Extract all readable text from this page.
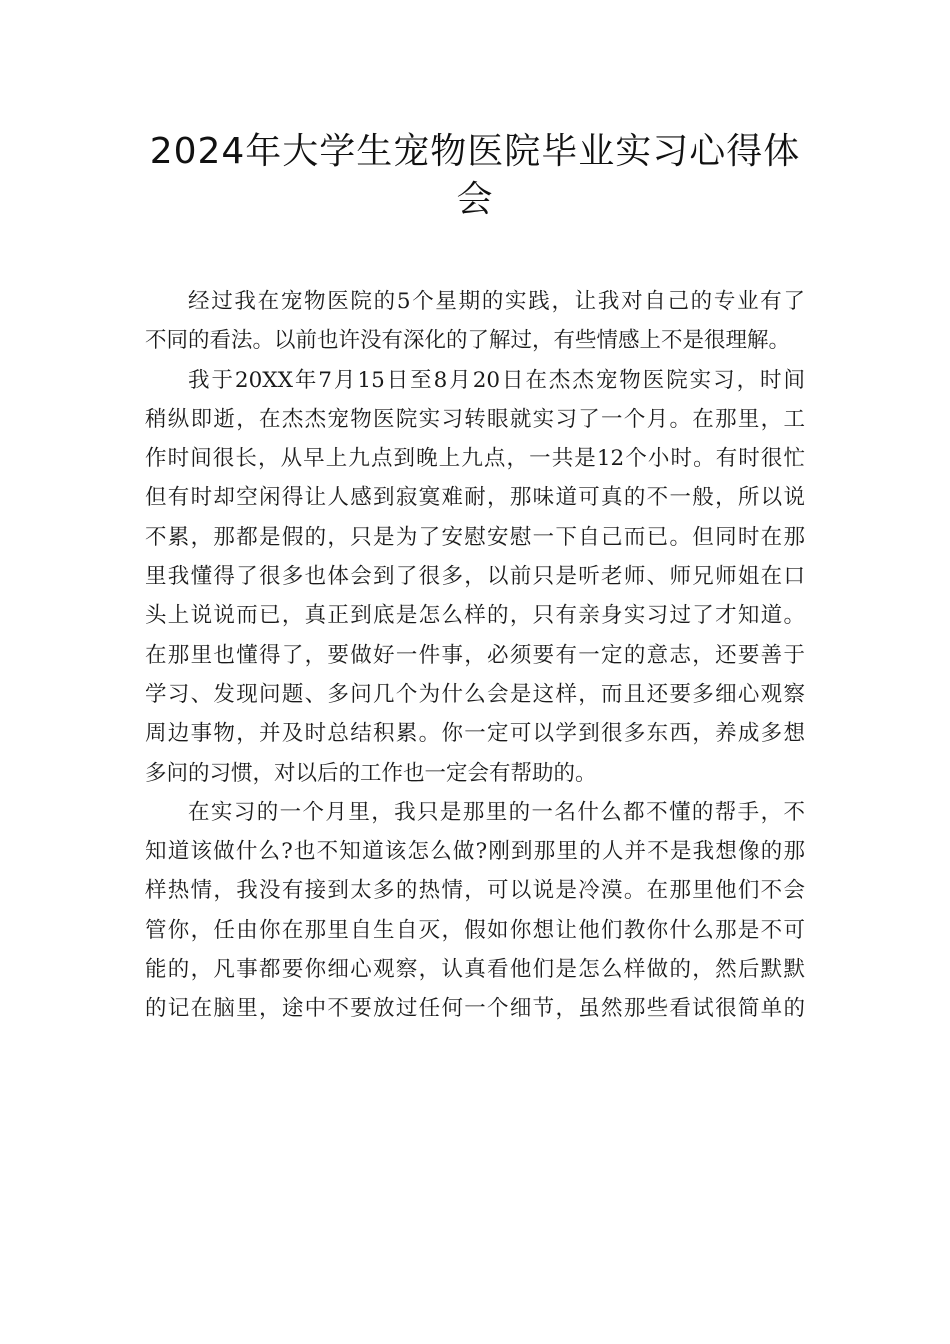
2024年大学生宠物医院毕业实习心得体
会
经过我在宠物医院的5个星期的实践，让我对自己的专业有了
不同的看法。以前也许没有深化的了解过，有些情感上不是很理解。
我于20XX年7月15日至8月20日在杰杰宠物医院实习，时间
稍纵即逝，在杰杰宠物医院实习转眼就实习了一个月。在那里，工
作时间很长，从早上九点到晚上九点，一共是12个小时。有时很忙
但有时却空闲得让人感到寂寞难耐，那味道可真的不一般，所以说
不累，那都是假的，只是为了安慰安慰一下自己而已。但同时在那
里我懂得了很多也体会到了很多，以前只是听老师、师兄师姐在口
头上说说而已，真正到底是怎么样的，只有亲身实习过了才知道。
在那里也懂得了，要做好一件事，必须要有一定的意志，还要善于
学习、发现问题、多问几个为什么会是这样，而且还要多细心观察
周边事物，并及时总结积累。你一定可以学到很多东西，养成多想
多问的习惯，对以后的工作也一定会有帮助的。
在实习的一个月里，我只是那里的一名什么都不懂的帮手，不
知道该做什么?也不知道该怎么做?刚到那里的人并不是我想像的那
样热情，我没有接到太多的热情，可以说是冷漠。在那里他们不会
管你，任由你在那里自生自灭，假如你想让他们教你什么那是不可
能的，凡事都要你细心观察，认真看他们是怎么样做的，然后默默
的记在脑里，途中不要放过任何一个细节，虽然那些看试很简单的
